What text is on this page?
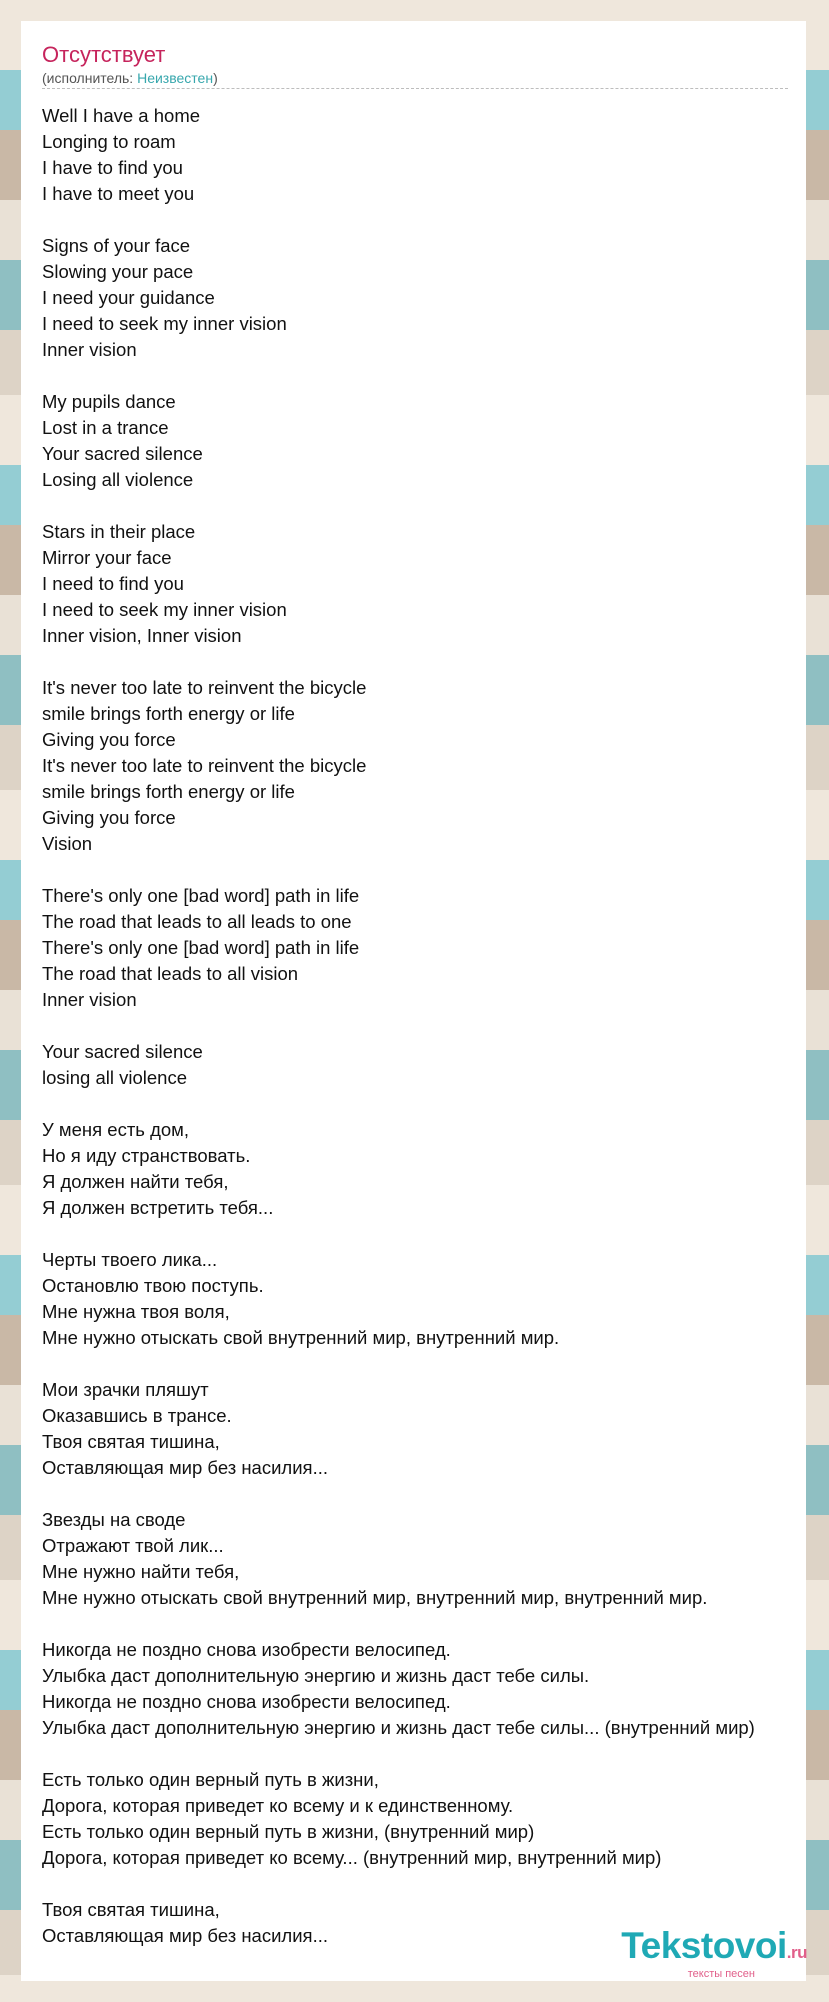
Отсутствует
(исполнитель: Неизвестен)
Well I have a home
Longing to roam
I have to find you
I have to meet you
Signs of your face
Slowing your pace
I need your guidance
I need to seek my inner vision
Inner vision
My pupils dance
Lost in a trance
Your sacred silence
Losing all violence
Stars in their place
Mirror your face
I need to find you
I need to seek my inner vision
Inner vision, Inner vision
It's never too late to reinvent the bicycle
smile brings forth energy or life
Giving you force
It's never too late to reinvent the bicycle
smile brings forth energy or life
Giving you force
Vision
There's only one [bad word] path in life
The road that leads to all leads to one
There's only one [bad word] path in life
The road that leads to all vision
Inner vision
Your sacred silence
losing all violence
У меня есть дом,
Но я иду странствовать.
Я должен найти тебя,
Я должен встретить тебя...
Черты твоего лика...
Остановлю твою поступь.
Мне нужна твоя воля,
Мне нужно отыскать свой внутренний мир, внутренний мир.
Мои зрачки пляшут
Оказавшись в трансе.
Твоя святая тишина,
Оставляющая мир без насилия...
Звезды на своде
Отражают твой лик...
Мне нужно найти тебя,
Мне нужно отыскать свой внутренний мир, внутренний мир, внутренний мир.
Никогда не поздно снова изобрести велосипед.
Улыбка даст дополнительную энергию и жизнь даст тебе силы.
Никогда не поздно снова изобрести велосипед.
Улыбка даст дополнительную энергию и жизнь даст тебе силы... (внутренний мир)
Есть только один верный путь в жизни,
Дорога, которая приведет ко всему и к единственному.
Есть только один верный путь в жизни, (внутренний мир)
Дорога, которая приведет ко всему... (внутренний мир, внутренний мир)
Твоя святая тишина,
Оставляющая мир без насилия...	Tekstovoi.ru
тексты песен
